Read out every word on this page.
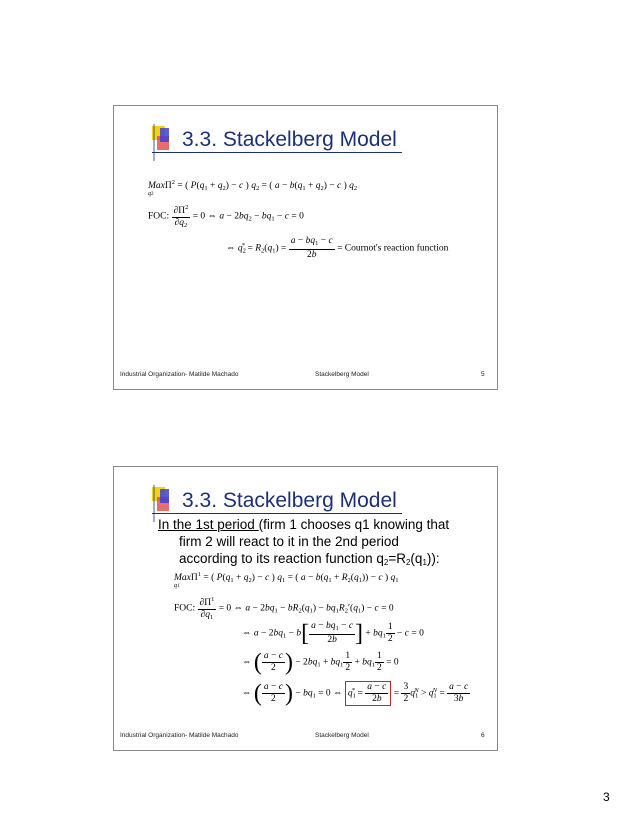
3.3. Stackelberg Model
MaxΠ$^2$ = ( $P(q_1 + q_2) - c$ ) $q_2$ = ( $a - b(q_1 + q_2) - c$ ) $q_2$
q2
FOC: $\frac{\partial\Pi^2}{\partial q_2} = 0$ ⇔ $a - 2bq_2 - bq_1 - c = 0$
⇔ $q_2^* = R_2(q_1) = \frac{a - bq_1 - c}{2b}$ = Cournot's reaction function
Industrial Organization- Matilde Machado	Stackelberg Model	5
3.3. Stackelberg Model
In the 1st period (firm 1 chooses q1 knowing that
firm 2 will react to it in the 2nd period
according to its reaction function q2=R2(q1)):
MaxΠ$^1$ = ( $P(q_1 + q_2) - c$ ) $q_1$ = ( $a - b(q_1 + R_2(q_1)) - c$ ) $q_1$
q1
FOC: $\frac{\partial\Pi^1}{\partial q_1} = 0$ ⇔ $a - 2bq_1 - bR_2(q_1) - bq_1R_2'(q_1) - c = 0$
⇔ $a - 2bq_1 - b[ \frac{a - bq_1 - c}{2b}$ ] + $bq_1 \frac{1}{2} - c = 0$
⇔ ( $\frac{a - c}{2}$ ) − $2bq_1 + bq_1 \frac{1}{2} + bq_1 \frac{1}{2} = 0$
⇔ ( $\frac{a - c}{2}$ ) − $bq_1 = 0$ ⇔ $q_1^* = \frac{a - c}{2b} = \frac{3}{2} q_1^N > q_1^N = \frac{a - c}{3b}$
Industrial Organization- Matilde Machado	Stackelberg Model	6
3
